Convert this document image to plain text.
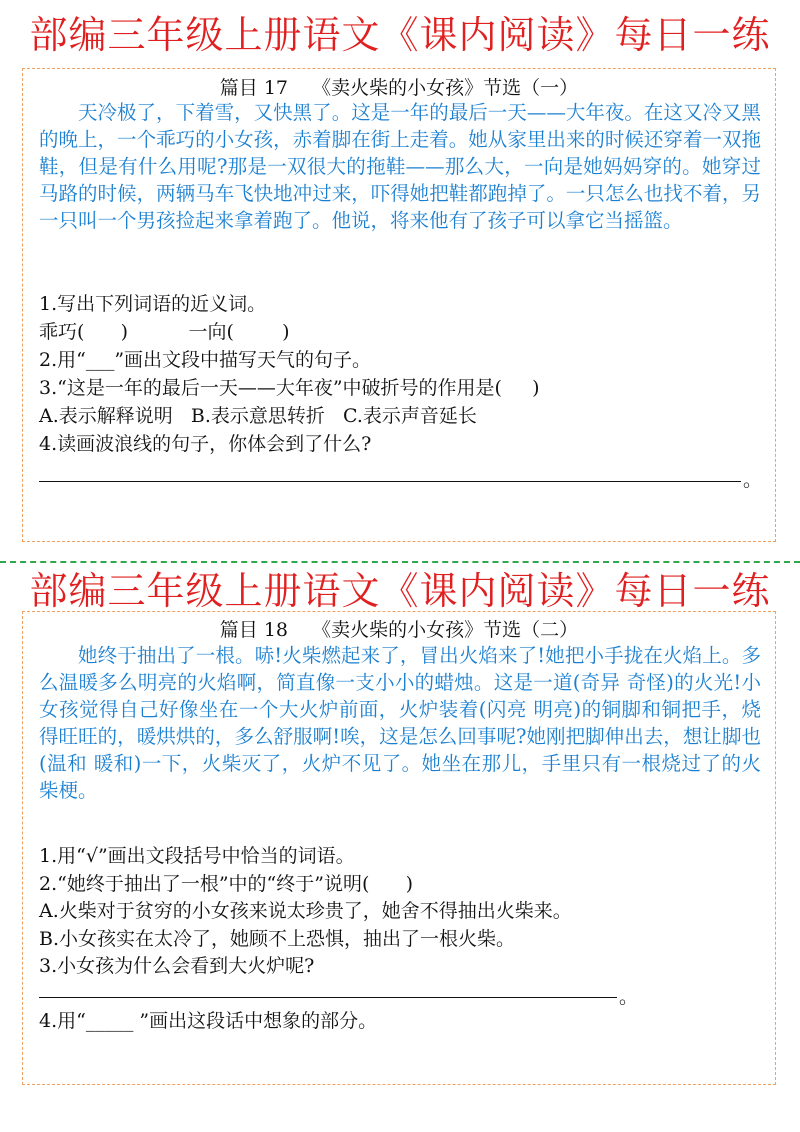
部编三年级上册语文《课内阅读》每日一练
篇目 17    《卖火柴的小女孩》节选（一）

天冷极了，下着雪，又快黑了。这是一年的最后一天——大年夜。在这又冷又黑的晚上，一个乖巧的小女孩，赤着脚在街上走着。她从家里出来的时候还穿着一双拖鞋，但是有什么用呢?那是一双很大的拖鞋——那么大，一向是她妈妈穿的。她穿过马路的时候，两辆马车飞快地冲过来，吓得她把鞋都跑掉了。一只怎么也找不着，另一只叫一个男孩捡起来拿着跑了。他说，将来他有了孩子可以拿它当摇篮。

1.写出下列词语的近义词。
乖巧(      )          一向(        )
2.用“___”画出文段中描写天气的句子。
3.“这是一年的最后一天——大年夜”中破折号的作用是(     )
A.表示解释说明   B.表示意思转折   C.表示声音延长
4.读画波浪线的句子，你体会到了什么?
。
部编三年级上册语文《课内阅读》每日一练
篇目 18    《卖火柴的小女孩》节选（二）

她终于抽出了一根。哧!火柴燃起来了，冒出火焰来了!她把小手拢在火焰上。多么温暖多么明亮的火焰啊，简直像一支小小的蜡烛。这是一道(奇异 奇怪)的火光!小女孩觉得自己好像坐在一个大火炉前面，火炉装着(闪亮 明亮)的铜脚和铜把手，烧得旺旺的，暖烘烘的，多么舒服啊!唉，这是怎么回事呢?她刚把脚伸出去，想让脚也(温和 暖和)一下，火柴灭了，火炉不见了。她坐在那儿，手里只有一根烧过了的火柴梗。

1.用“√”画出文段括号中恰当的词语。
2.“她终于抽出了一根”中的“终于”说明(      )
A.火柴对于贫穷的小女孩来说太珍贵了，她舍不得抽出火柴来。
B.小女孩实在太冷了，她顾不上恐惧，抽出了一根火柴。
3.小女孩为什么会看到大火炉呢?
。
4.用“_____ ”画出这段话中想象的部分。
